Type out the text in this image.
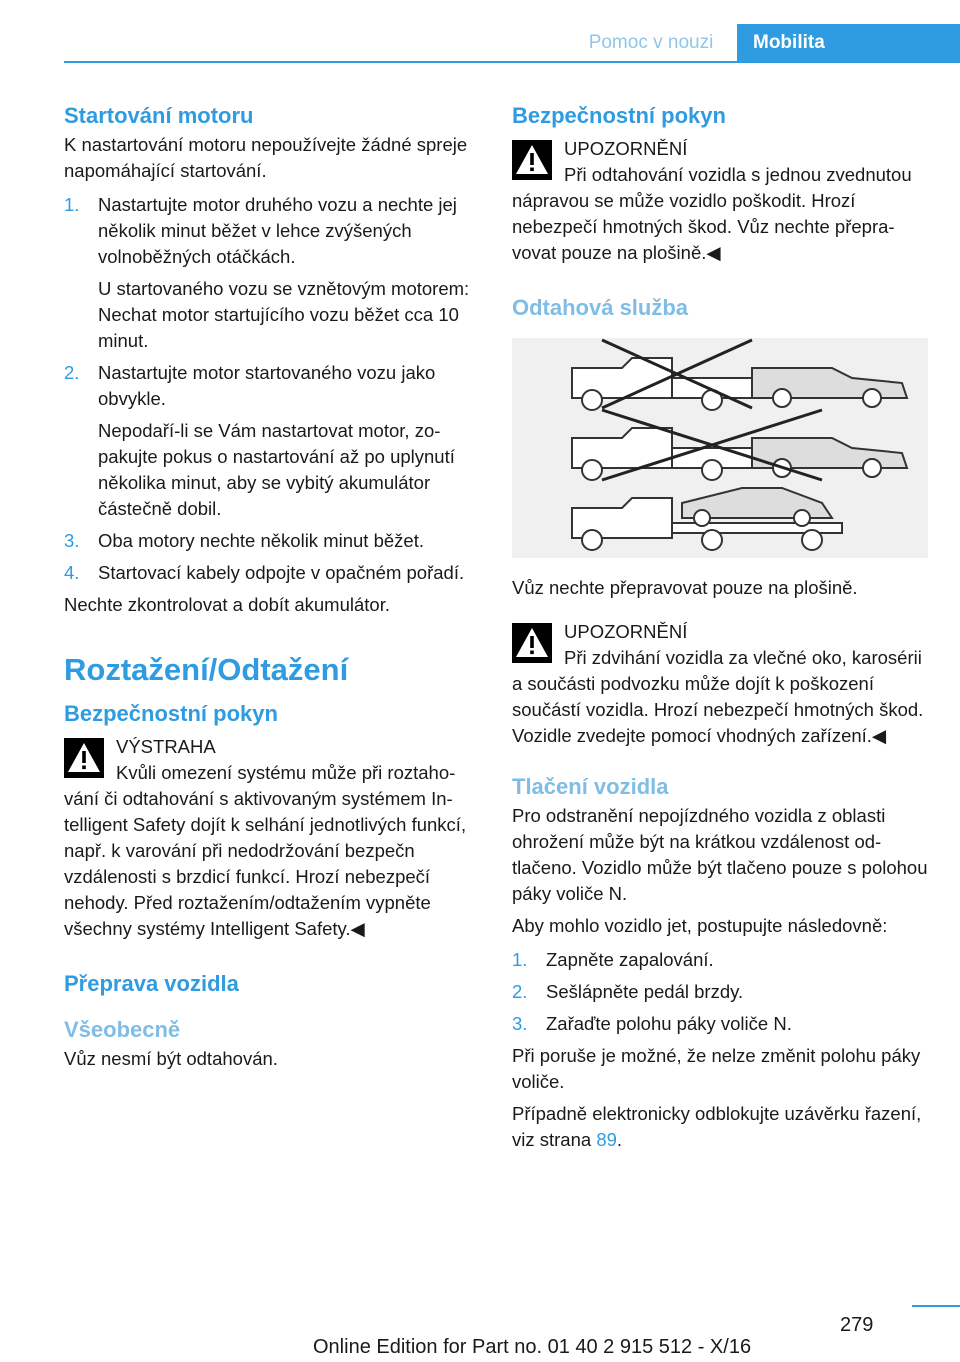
Pomoc v nouzi	Mobilita
Startování motoru

K nastartování motoru nepoužívejte žádné spreje napomáhající startování.

1.	Nastartujte motor druhého vozu a nechte jej několik minut běžet v lehce zvýšených volnoběžných otáčkách.
U startovaného vozu se vznětovým motorem: Nechat motor startujícího vozu běžet cca 10 minut.
2.	Nastartujte motor startovaného vozu jako obvykle.
Nepodaří-li se Vám nastartovat motor, zopakujte pokus o nastartování až po uplynutí několika minut, aby se vybitý akumulátor částečně dobil.
3.	Oba motory nechte několik minut běžet.
4.	Startovací kabely odpojte v opačném pořadí.

Nechte zkontrolovat a dobít akumulátor.

Roztažení/Odtažení
Bezpečnostní pokyn
VÝSTRAHA
Kvůli omezení systému může při roztahování či odtahování s aktivovaným systémem Intelligent Safety dojít k selhání jednotlivých funkcí, např. k varování při nedodržování bezpečn vzdálenosti s brzdicí funkcí. Hrozí nebezpečí nehody. Před roztažením/odtažením vypněte všechny systémy Intelligent Safety.◀
Přeprava vozidla
Všeobecně

Vůz nesmí být odtahován.

Bezpečnostní pokyn
UPOZORNĚNÍ
Při odtahování vozidla s jednou zvednutou nápravou se může vozidlo poškodit. Hrozí nebezpečí hmotných škod. Vůz nechte přepravovat pouze na plošině.◀
Odtahová služba

Vůz nechte přepravovat pouze na plošině.

UPOZORNĚNÍ
Při zdvihání vozidla za vlečné oko, karosérii a součásti podvozku může dojít k poškození součástí vozidla. Hrozí nebezpečí hmotných škod. Vozidle zvedejte pomocí vhodných zařízení.◀
Tlačení vozidla

Pro odstranění nepojízdného vozidla z oblasti ohrožení může být na krátkou vzdálenost odtlačeno. Vozidlo může být tlačeno pouze s polohou páky voliče N.

Aby mohlo vozidlo jet, postupujte následovně:

1.	Zapněte zapalování.
2.	Sešlápněte pedál brzdy.
3.	Zařaďte polohu páky voliče N.

Při poruše je možné, že nelze změnit polohu páky voliče.

Případně elektronicky odblokujte uzávěrku řazení, viz strana 89.

279
Online Edition for Part no. 01 40 2 915 512 - X/16
